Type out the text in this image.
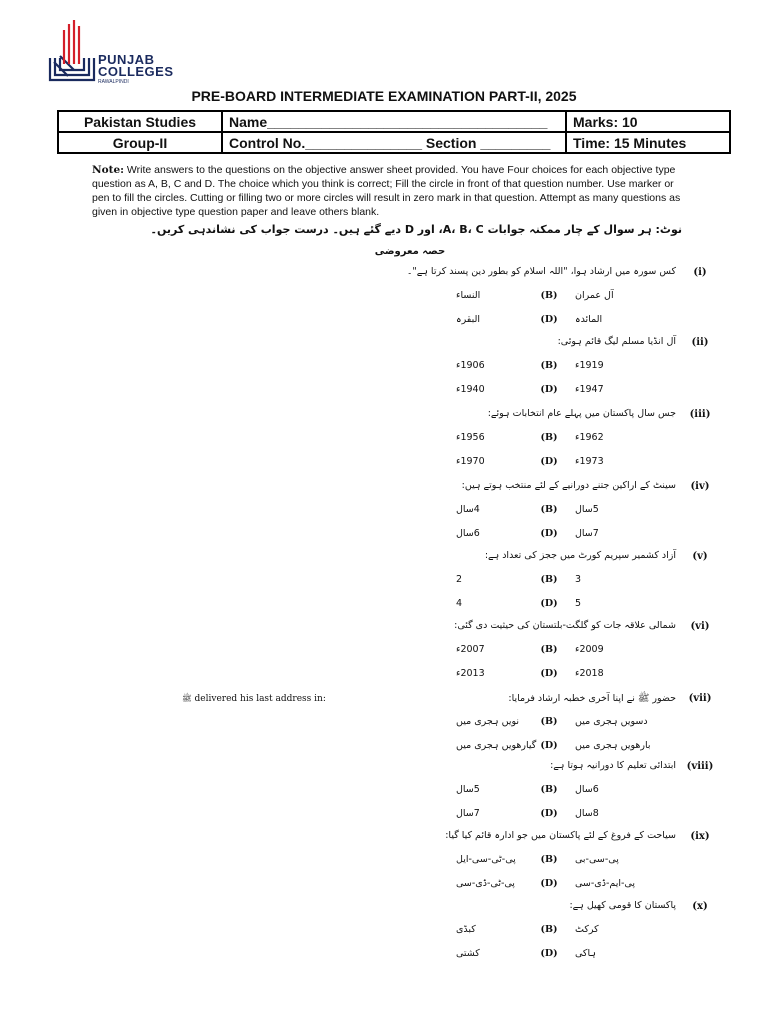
PUNJAB
COLLEGES
RAWALPINDI
PRE-BOARD INTERMEDIATE EXAMINATION PART-II, 2025
Pakistan Studies	Name____________________________________	Marks: 10
Group-II	Control No._______________ Section _________	Time: 15 Minutes
Note: Write answers to the questions on the objective answer sheet provided. You have Four choices for each objective type question as A, B, C and D. The choice which you think is correct; Fill the circle in front of that question number. Use marker or pen to fill the circles. Cutting or filling two or more circles will result in zero mark in that question. Attempt as many questions as given in objective type question paper and leave others blank.
نوٹ: ہر سوال کے چار ممکنہ جوابات A، B، C، اور D دیے گئے ہیں۔ درست جواب کی نشاندہی کریں۔
حصہ معروضی
ﷺ delivered his last address in:
(i)
کس سورہ میں ارشاد ہوا، "اللہ اسلام کو بطور دین پسند کرتا ہے"۔
آل عمران
(B)
النساء
المائدہ
(D)
البقرہ
(ii)
آل انڈیا مسلم لیگ قائم ہوئی:
1919ء
(B)
1906ء
1947ء
(D)
1940ء
(iii)
جس سال پاکستان میں پہلے عام انتخابات ہوئے:
1962ء
(B)
1956ء
1973ء
(D)
1970ء
(iv)
سینٹ کے اراکین جتنے دورانیے کے لئے منتخب ہوتے ہیں:
5سال
(B)
4سال
7سال
(D)
6سال
(v)
آزاد کشمیر سپریم کورٹ میں ججز کی تعداد ہے:
3
(B)
2
5
(D)
4
(vi)
شمالی علاقہ جات کو گلگت-بلتستان کی حیثیت دی گئی:
2009ء
(B)
2007ء
2018ء
(D)
2013ء
(vii)
حضور ﷺ نے اپنا آخری خطبہ ارشاد فرمایا:
دسویں ہجری میں
(B)
نویں ہجری میں
بارھویں ہجری میں
(D)
گیارھویں ہجری میں
(viii)
ابتدائی تعلیم کا دورانیہ ہوتا ہے:
6سال
(B)
5سال
8سال
(D)
7سال
(ix)
سیاحت کے فروغ کے لئے پاکستان میں جو ادارہ قائم کیا گیا:
پی-سی-بی
(B)
پی-ٹی-سی-ایل
پی-ایم-ڈی-سی
(D)
پی-ٹی-ڈی-سی
(x)
پاکستان کا قومی کھیل ہے:
کرکٹ
(B)
کبڈی
ہاکی
(D)
کشتی
